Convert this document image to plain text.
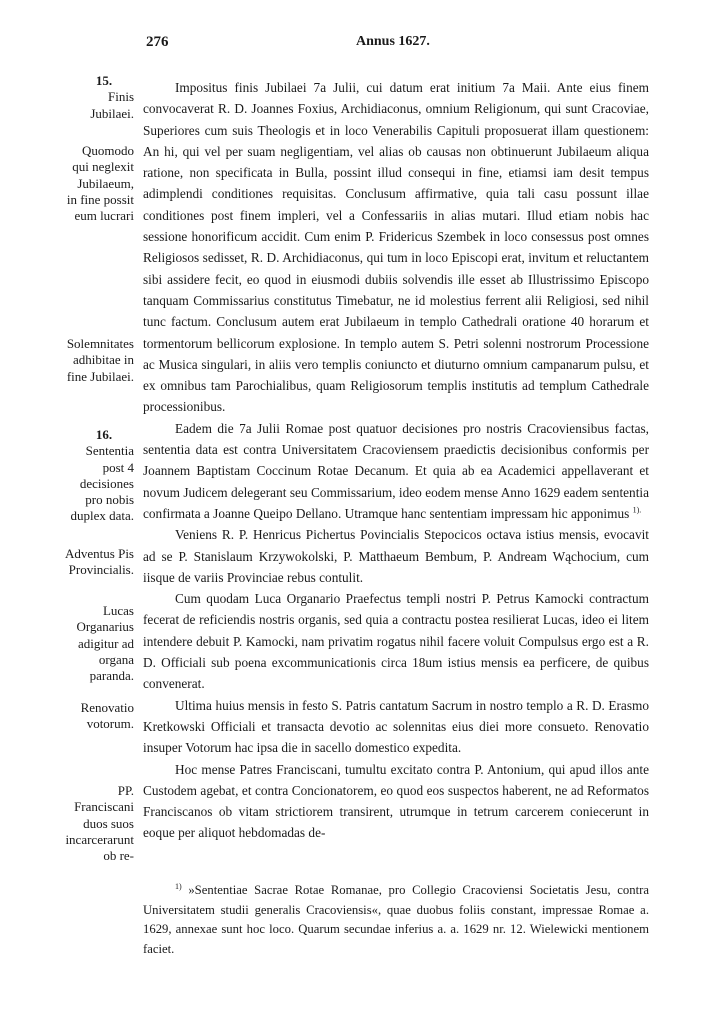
276	Annus 1627.
15.
Finis Jubilaei.
Quomodo qui neglexit Jubilaeum, in fine possit eum lucrari
Solemnitates adhibitae in fine Jubilaei.
16.
Sententia post 4 decisiones pro nobis duplex data.
Adventus Pis Provincialis.
Lucas Organarius adigitur ad organa paranda.
Renovatio votorum.
PP. Franciscani duos suos incarcerarunt ob re-

Impositus finis Jubilaei 7a Julii, cui datum erat initium 7a Maii. Ante eius finem convocaverat R. D. Joannes Foxius, Archidiaconus, omnium Religionum, qui sunt Cracoviae, Superiores cum suis Theologis et in loco Venerabilis Capituli proposuerat illam questionem: An hi, qui vel per suam negligentiam, vel alias ob causas non obtinuerunt Jubilaeum aliqua ratione, non specificata in Bulla, possint illud consequi in fine, etiamsi iam desit tempus adimplendi conditiones requisitas. Conclusum affirmative, quia tali casu possunt illae conditiones post finem impleri, vel a Confessariis in alias mutari. Illud etiam nobis hac sessione honorificum accidit. Cum enim P. Fridericus Szembek in loco consessus post omnes Religiosos sedisset, R. D. Archidiaconus, qui tum in loco Episcopi erat, invitum et reluctantem sibi assidere fecit, eo quod in eiusmodi dubiis solvendis ille esset ab Illustrissimo Episcopo tanquam Commissarius constitutus Timebatur, ne id molestius ferrent alii Religiosi, sed nihil tunc factum. Conclusum autem erat Jubilaeum in templo Cathedrali oratione 40 horarum et tormentorum bellicorum explosione. In templo autem S. Petri solenni nostrorum Processione ac Musica singulari, in aliis vero templis coniuncto et diuturno omnium campanarum pulsu, et ex omnibus tam Parochialibus, quam Religiosorum templis institutis ad templum Cathedrale processionibus.

Eadem die 7a Julii Romae post quatuor decisiones pro nostris Cracoviensibus factas, sententia data est contra Universitatem Cracoviensem praedictis decisionibus conformis per Joannem Baptistam Coccinum Rotae Decanum. Et quia ab ea Academici appellaverant et novum Judicem delegerant seu Commissarium, ideo eodem mense Anno 1629 eadem sententia confirmata a Joanne Queipo Dellano. Utramque hanc sententiam impressam hic apponimus $^{1).}$

Veniens R. P. Henricus Pichertus Povincialis Stepocicos octava istius mensis, evocavit ad se P. Stanislaum Krzywokolski, P. Matthaeum Bembum, P. Andream Wąchocium, cum iisque de variis Provinciae rebus contulit.

Cum quodam Luca Organario Praefectus templi nostri P. Petrus Kamocki contractum fecerat de reficiendis nostris organis, sed quia a contractu postea resilierat Lucas, ideo ei litem intendere debuit P. Kamocki, nam privatim rogatus nihil facere voluit Compulsus ergo est a R. D. Officiali sub poena excommunicationis circa 18um istius mensis ea perficere, de quibus convenerat.

Ultima huius mensis in festo S. Patris cantatum Sacrum in nostro templo a R. D. Erasmo Kretkowski Officiali et transacta devotio ac solennitas eius diei more consueto. Renovatio insuper Votorum hac ipsa die in sacello domestico expedita.

Hoc mense Patres Franciscani, tumultu excitato contra P. Antonium, qui apud illos ante Custodem agebat, et contra Concionatorem, eo quod eos suspectos haberent, ne ad Reformatos Franciscanos ob vitam strictiorem transirent, utrumque in tetrum carcerem coniecerunt in eoque per aliquot hebdomadas de-

$^{1)}$ »Sententiae Sacrae Rotae Romanae, pro Collegio Cracoviensi Societatis Jesu, contra Universitatem studii generalis Cracoviensis«, quae duobus foliis constant, impressae Romae a. 1629, annexae sunt hoc loco. Quarum secundae inferius a. a. 1629 nr. 12. Wielewicki mentionem faciet.
